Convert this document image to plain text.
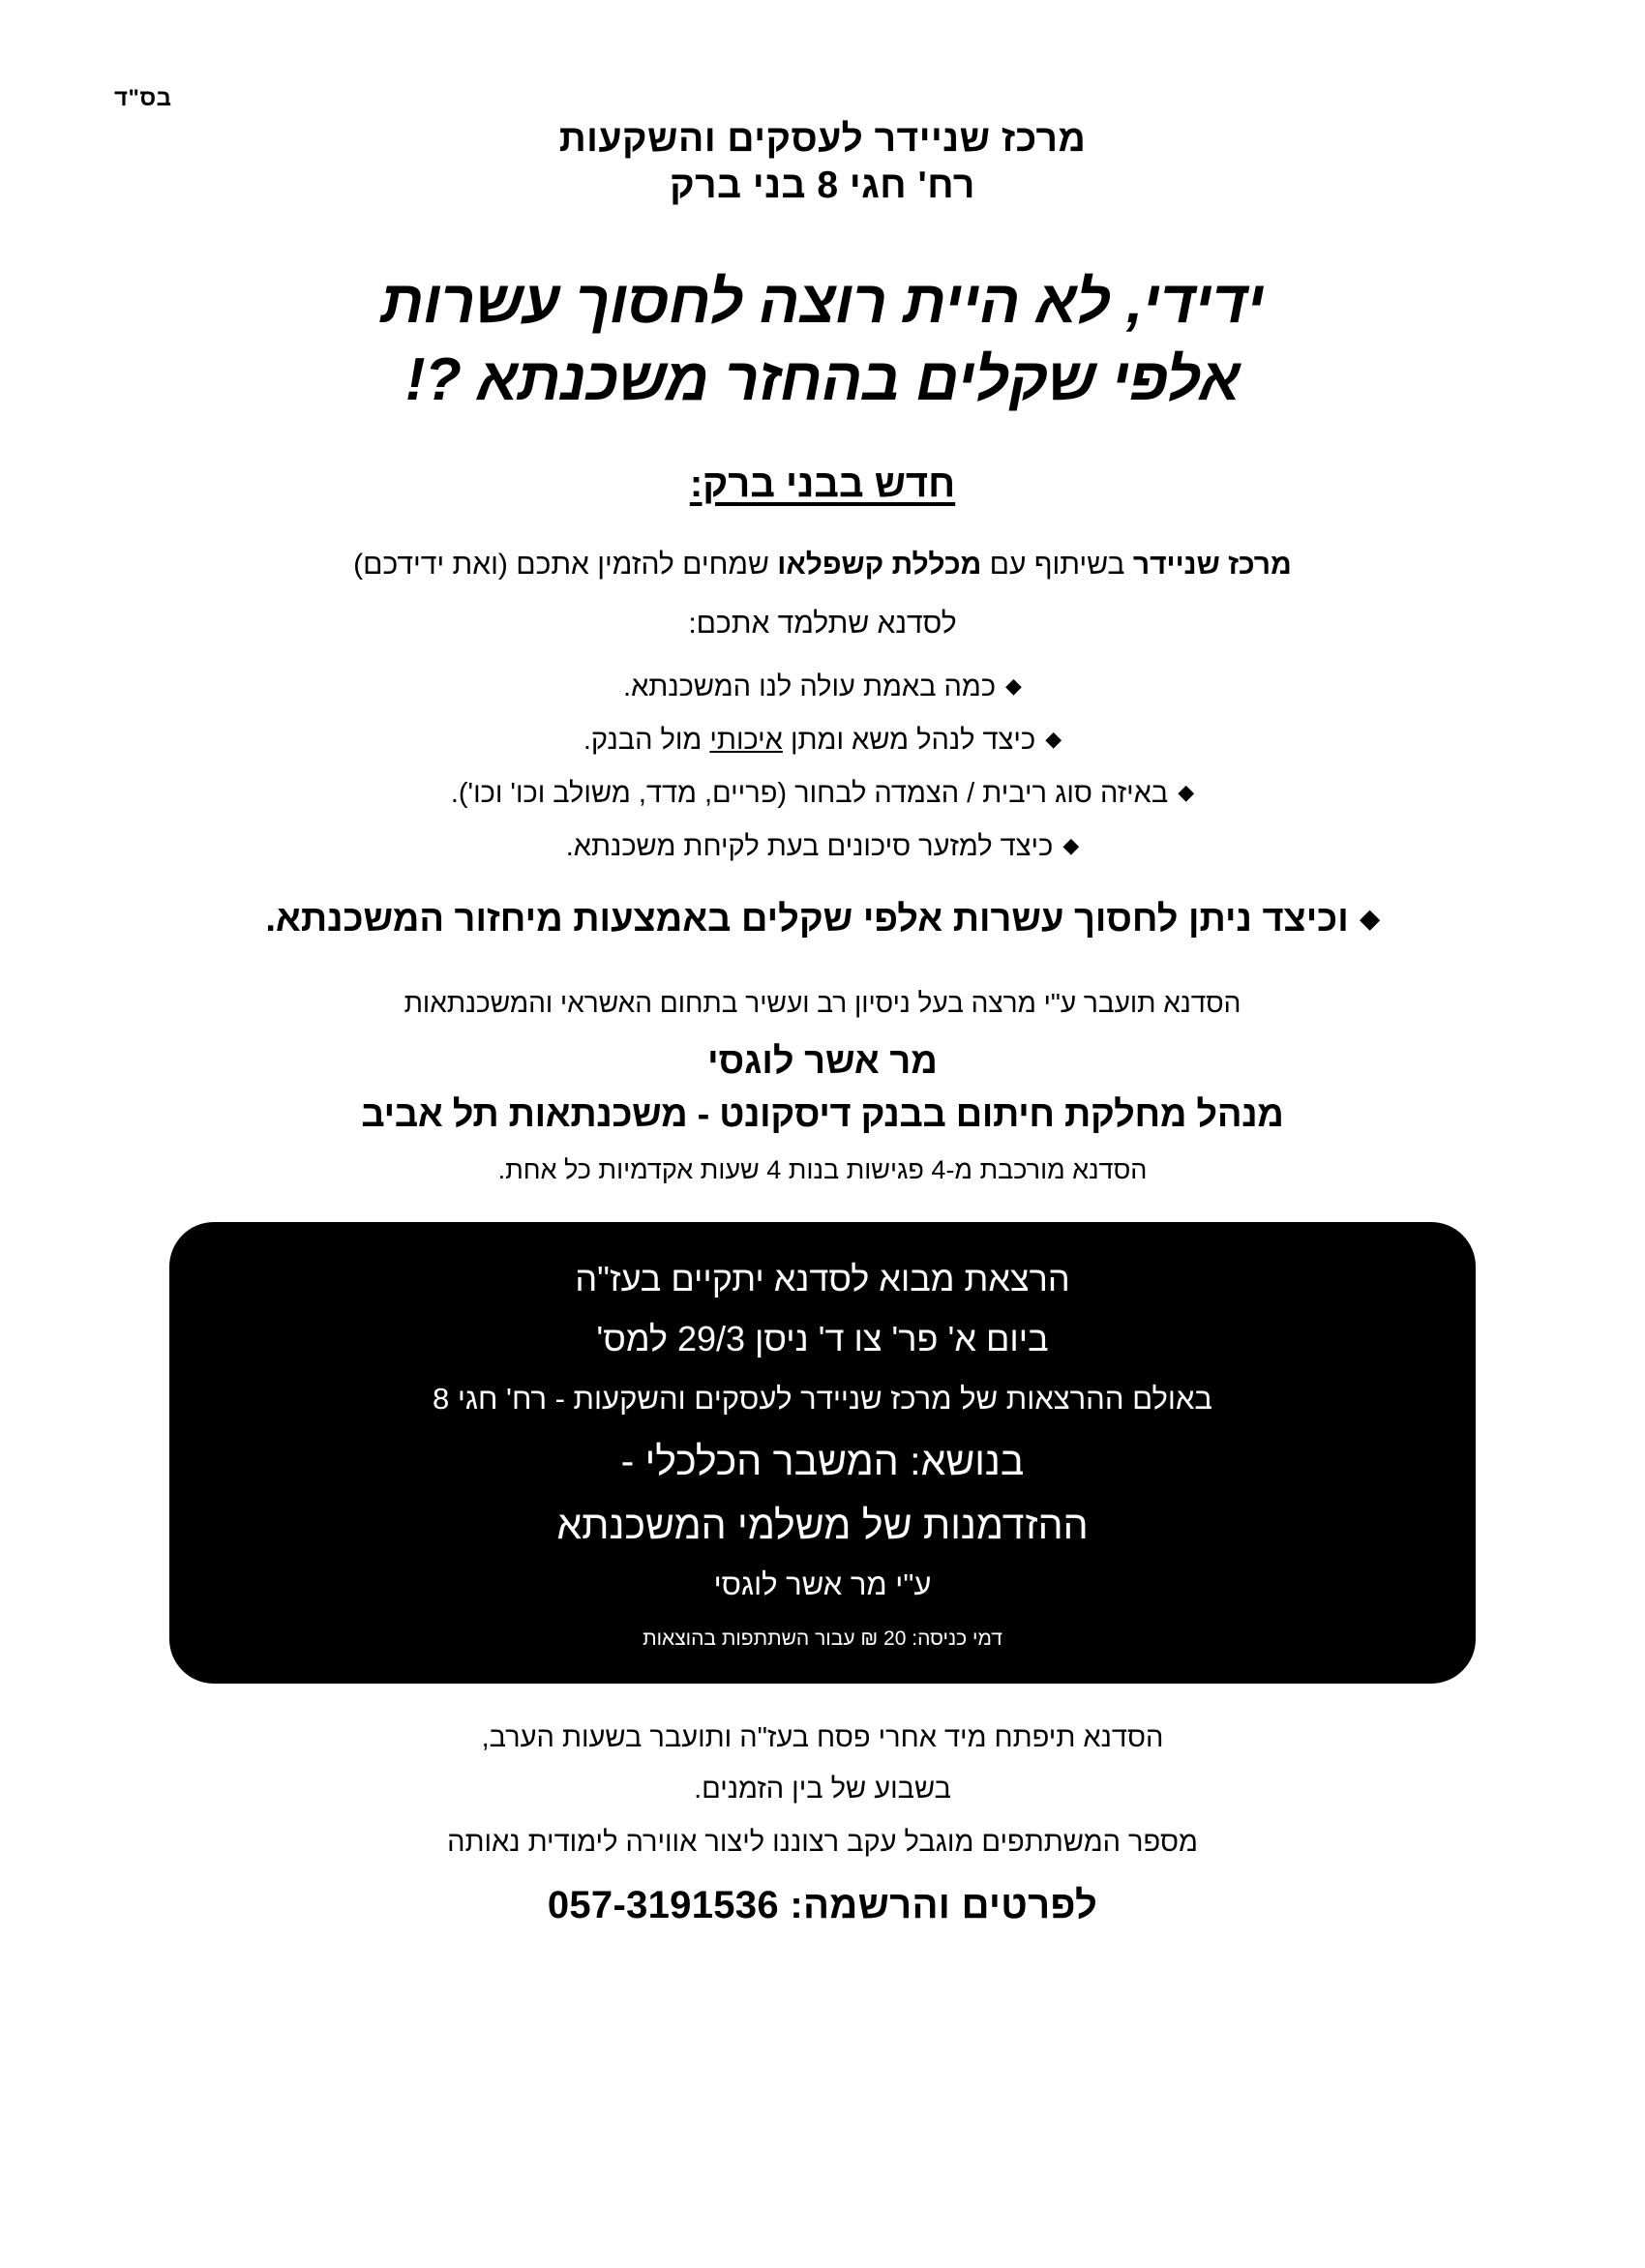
בס"ד
מרכז שניידר לעסקים והשקעות
רח' חגי 8 בני ברק
ידידי, לא היית רוצה לחסוך עשרות
אלפי שקלים בהחזר משכנתא ?!
חדש בבני ברק:
מרכז שניידר בשיתוף עם מכללת קשפלאו שמחים להזמין אתכם (ואת ידידכם)
לסדנא שתלמד אתכם:
◆כמה באמת עולה לנו המשכנתא.
◆כיצד לנהל משא ומתן איכותי מול הבנק.
◆באיזה סוג ריבית / הצמדה לבחור (פריים, מדד, משולב וכו' וכו').
◆כיצד למזער סיכונים בעת לקיחת משכנתא.
◆וכיצד ניתן לחסוך עשרות אלפי שקלים באמצעות מיחזור המשכנתא.
הסדנא תועבר ע"י מרצה בעל ניסיון רב ועשיר בתחום האשראי והמשכנתאות
מר אשר לוגסי
מנהל מחלקת חיתום בבנק דיסקונט - משכנתאות תל אביב
הסדנא מורכבת מ-4 פגישות בנות 4 שעות אקדמיות כל אחת.
הרצאת מבוא לסדנא יתקיים בעז"ה
ביום א' פר' צו ד' ניסן 29/3 למס'
באולם ההרצאות של מרכז שניידר לעסקים והשקעות - רח' חגי 8
בנושא: המשבר הכלכלי -
ההזדמנות של משלמי המשכנתא
ע"י מר אשר לוגסי
דמי כניסה: 20 ₪ עבור השתתפות בהוצאות
הסדנא תיפתח מיד אחרי פסח בעז"ה ותועבר בשעות הערב,
בשבוע של בין הזמנים.
מספר המשתתפים מוגבל עקב רצוננו ליצור אווירה לימודית נאותה
לפרטים והרשמה: 057-3191536
